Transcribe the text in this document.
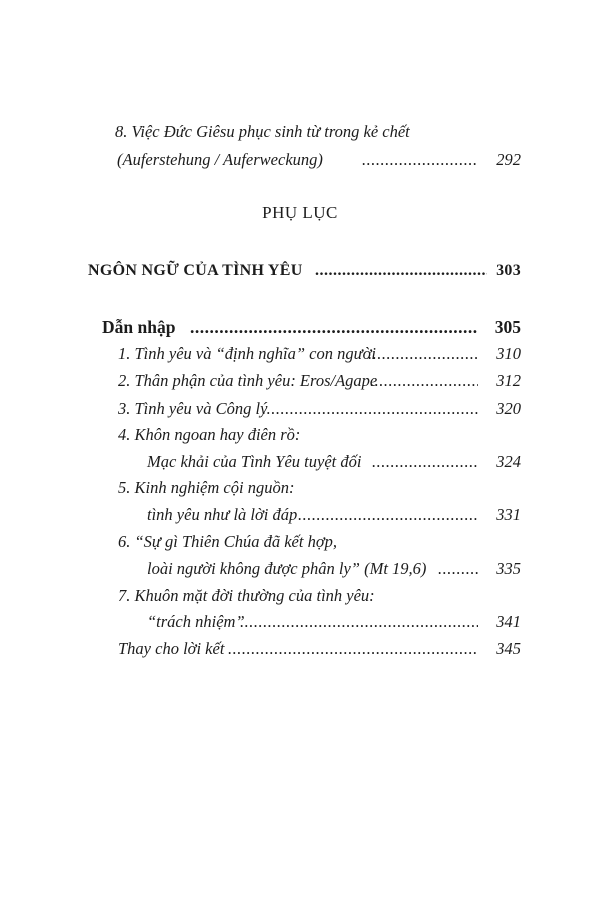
8. Việc Đức Giêsu phục sinh từ trong kẻ chết
(Auferstehung / Auferweckung) .....	292
PHỤ LỤC
NGÔN NGỮ CỦA TÌNH YÊU .....	303
Dẫn nhập .....	305
1. Tình yêu và “định nghĩa” con người .....	310
2. Thân phận của tình yêu: Eros/Agape .....	312
3. Tình yêu và Công lý .....	320
4. Khôn ngoan hay điên rồ:
Mạc khải của Tình Yêu tuyệt đối .....	324
5. Kinh nghiệm cội nguồn:
tình yêu như là lời đáp .....	331
6. “Sự gì Thiên Chúa đã kết hợp,
loài người không được phân ly” (Mt 19,6) .....	335
7. Khuôn mặt đời thường của tình yêu:
“trách nhiệm” .....	341
Thay cho lời kết .....	345
